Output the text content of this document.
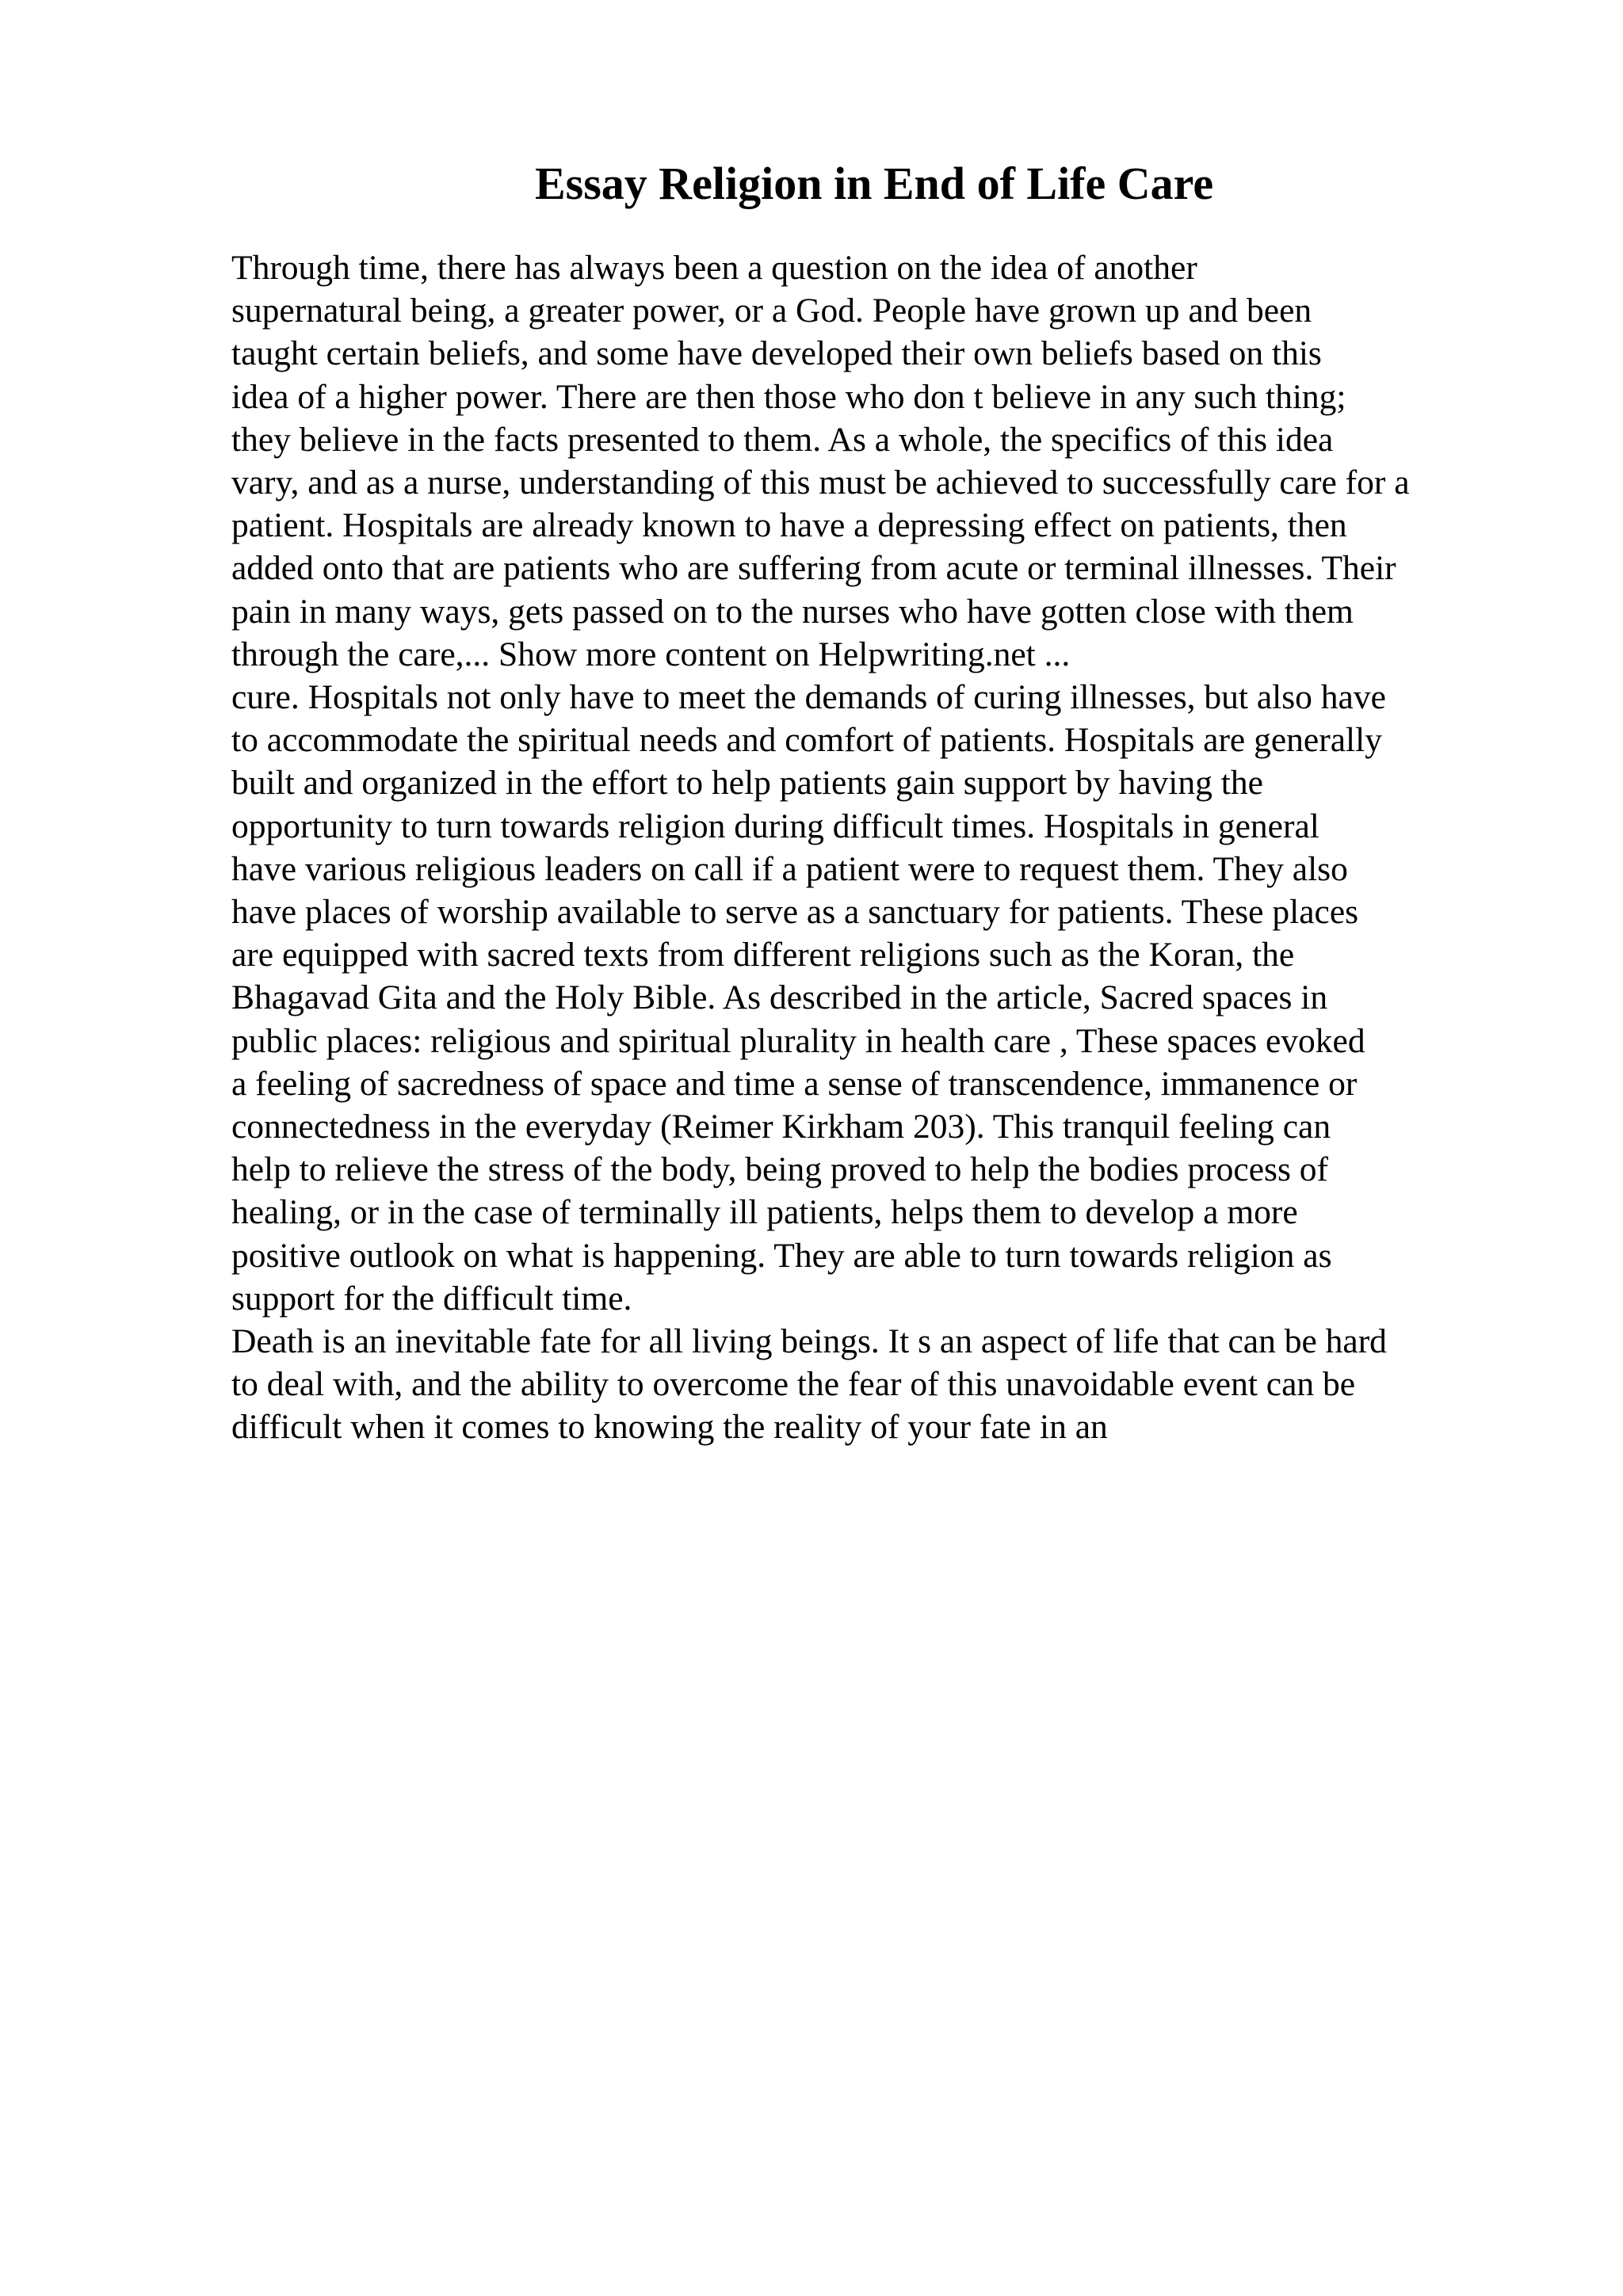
Essay Religion in End of Life Care
Through time, there has always been a question on the idea of another
supernatural being, a greater power, or a God. People have grown up and been
taught certain beliefs, and some have developed their own beliefs based on this
idea of a higher power. There are then those who don t believe in any such thing;
they believe in the facts presented to them. As a whole, the specifics of this idea
vary, and as a nurse, understanding of this must be achieved to successfully care for a
patient. Hospitals are already known to have a depressing effect on patients, then
added onto that are patients who are suffering from acute or terminal illnesses. Their
pain in many ways, gets passed on to the nurses who have gotten close with them
through the care,... Show more content on Helpwriting.net ...
cure. Hospitals not only have to meet the demands of curing illnesses, but also have
to accommodate the spiritual needs and comfort of patients. Hospitals are generally
built and organized in the effort to help patients gain support by having the
opportunity to turn towards religion during difficult times. Hospitals in general
have various religious leaders on call if a patient were to request them. They also
have places of worship available to serve as a sanctuary for patients. These places
are equipped with sacred texts from different religions such as the Koran, the
Bhagavad Gita and the Holy Bible. As described in the article, Sacred spaces in
public places: religious and spiritual plurality in health care , These spaces evoked
a feeling of sacredness of space and time a sense of transcendence, immanence or
connectedness in the everyday (Reimer Kirkham 203). This tranquil feeling can
help to relieve the stress of the body, being proved to help the bodies process of
healing, or in the case of terminally ill patients, helps them to develop a more
positive outlook on what is happening. They are able to turn towards religion as
support for the difficult time.
Death is an inevitable fate for all living beings. It s an aspect of life that can be hard
to deal with, and the ability to overcome the fear of this unavoidable event can be
difficult when it comes to knowing the reality of your fate in an
